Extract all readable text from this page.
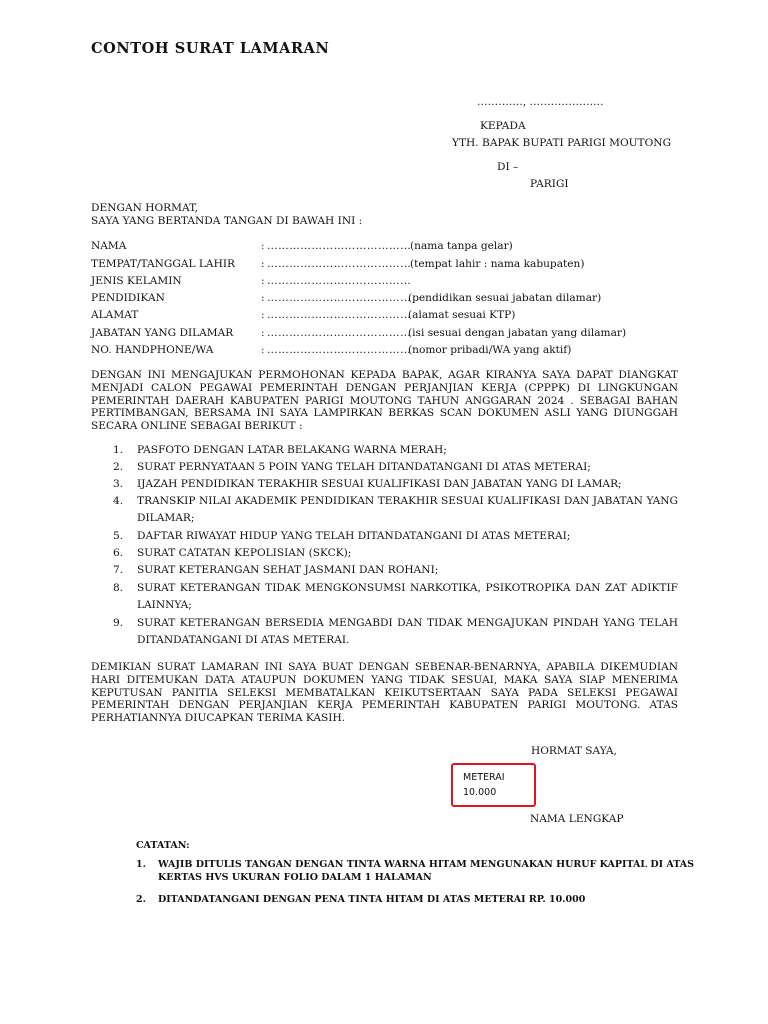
CONTOH SURAT LAMARAN
…………., …………………
KEPADA
YTH. BAPAK BUPATI PARIGI MOUTONG
DI –
PARIGI
DENGAN HORMAT,
SAYA YANG BERTANDA TANGAN DI BAWAH INI :
NAMA	: …………………………………
(nama tanpa gelar)
TEMPAT/TANGGAL LAHIR : …………………………………
(tempat lahir : nama kabupaten)
JENIS KELAMIN	: …………………………………
PENDIDIKAN	: …………………………………
(pendidikan sesuai jabatan dilamar)
ALAMAT	: …………………………………
(alamat sesuai KTP)
JABATAN YANG DILAMAR	: …………………………………
(isi sesuai dengan jabatan yang dilamar)
NO. HANDPHONE/WA	: …………………………………
(nomor pribadi/WA yang aktif)
DENGAN INI MENGAJUKAN PERMOHONAN KEPADA BAPAK, AGAR KIRANYA SAYA DAPAT DIANGKAT MENJADI CALON PEGAWAI PEMERINTAH DENGAN PERJANJIAN KERJA (CPPPK) DI LINGKUNGAN PEMERINTAH DAERAH KABUPATEN PARIGI MOUTONG TAHUN ANGGARAN 2024 . SEBAGAI BAHAN PERTIMBANGAN, BERSAMA INI SAYA LAMPIRKAN BERKAS SCAN DOKUMEN ASLI YANG DIUNGGAH SECARA ONLINE SEBAGAI BERIKUT :
1.	PASFOTO DENGAN LATAR BELAKANG WARNA MERAH;
2.	SURAT PERNYATAAN 5 POIN YANG TELAH DITANDATANGANI DI ATAS METERAI;
3.	IJAZAH PENDIDIKAN TERAKHIR SESUAI KUALIFIKASI DAN JABATAN YANG DI LAMAR;
4.	TRANSKIP NILAI AKADEMIK PENDIDIKAN TERAKHIR SESUAI KUALIFIKASI DAN JABATAN YANG DILAMAR;
5.	DAFTAR RIWAYAT HIDUP YANG TELAH DITANDATANGANI DI ATAS METERAI;
6.	SURAT CATATAN KEPOLISIAN (SKCK);
7.	SURAT KETERANGAN SEHAT JASMANI DAN ROHANI;
8.	SURAT KETERANGAN TIDAK MENGKONSUMSI NARKOTIKA, PSIKOTROPIKA DAN ZAT ADIKTIF LAINNYA;
9.	SURAT KETERANGAN BERSEDIA MENGABDI DAN TIDAK MENGAJUKAN PINDAH YANG TELAH DITANDATANGANI DI ATAS METERAI.
DEMIKIAN SURAT LAMARAN INI SAYA BUAT DENGAN SEBENAR-BENARNYA, APABILA DIKEMUDIAN HARI DITEMUKAN DATA ATAUPUN DOKUMEN YANG TIDAK SESUAI, MAKA SAYA SIAP MENERIMA KEPUTUSAN PANITIA SELEKSI MEMBATALKAN KEIKUTSERTAAN SAYA PADA SELEKSI PEGAWAI PEMERINTAH DENGAN PERJANJIAN KERJA PEMERINTAH KABUPATEN PARIGI MOUTONG. ATAS PERHATIANNYA DIUCAPKAN TERIMA KASIH.
HORMAT SAYA,
METERAI
10.000
NAMA LENGKAP
CATATAN:
1. WAJIB DITULIS TANGAN DENGAN TINTA WARNA HITAM MENGUNAKAN HURUF KAPITAL DI ATAS KERTAS HVS UKURAN FOLIO DALAM 1 HALAMAN
2. DITANDATANGANI DENGAN PENA TINTA HITAM DI ATAS METERAI RP. 10.000
